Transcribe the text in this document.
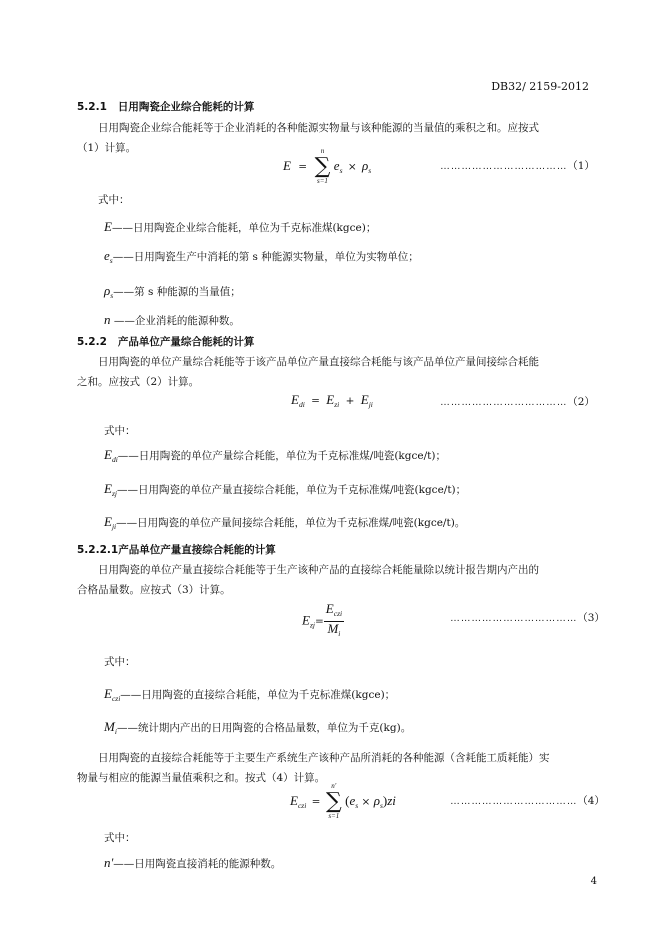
DB32/ 2159-2012
5.2.1 日用陶瓷企业综合能耗的计算
日用陶瓷企业综合能耗等于企业消耗的各种能源实物量与该种能源的当量值的乘积之和。应按式
（1）计算。
E = ∑
n
s=1
$e_s \times \rho_s$	………………………………（1）
式中：
E——日用陶瓷企业综合能耗，单位为千克标准煤(kgce)；
$e_s——$日用陶瓷生产中消耗的第 s 种能源实物量，单位为实物单位；
$\rho_s——$第 s 种能源的当量值；
n ——企业消耗的能源种数。
5.2.2 产品单位产量综合能耗的计算
日用陶瓷的单位产量综合耗能等于该产品单位产量直接综合耗能与该产品单位产量间接综合耗能
之和。应按式（2）计算。
$E_{di} = E_{zi} + E_{ji}$	………………………………（2）
式中：
$E_{di}——$日用陶瓷的单位产量综合耗能，单位为千克标准煤/吨瓷(kgce/t)；
$E_{zj}——$日用陶瓷的单位产量直接综合耗能，单位为千克标准煤/吨瓷(kgce/t)；
$E_{ji}——$日用陶瓷的单位产量间接综合耗能，单位为千克标准煤/吨瓷(kgce/t)。
5.2.2.1产品单位产量直接综合耗能的计算
日用陶瓷的单位产量直接综合耗能等于生产该种产品的直接综合耗能量除以统计报告期内产出的
合格品量数。应按式（3）计算。
$E_{zj}= \frac{E_{czi}}{M_i}$	………………………………（3）
式中：
$E_{czi}——$日用陶瓷的直接综合耗能，单位为千克标准煤(kgce)；
$M_i——$统计期内产出的日用陶瓷的合格品量数，单位为千克(kg)。
日用陶瓷的直接综合耗能等于主要生产系统生产该种产品所消耗的各种能源（含耗能工质耗能）实
物量与相应的能源当量值乘积之和。按式（4）计算。
$E_{czi}$ = ∑
n'
s=1
$(e_s \times \rho_s)zi$	………………………………（4）
式中：
n'——日用陶瓷直接消耗的能源种数。
4
